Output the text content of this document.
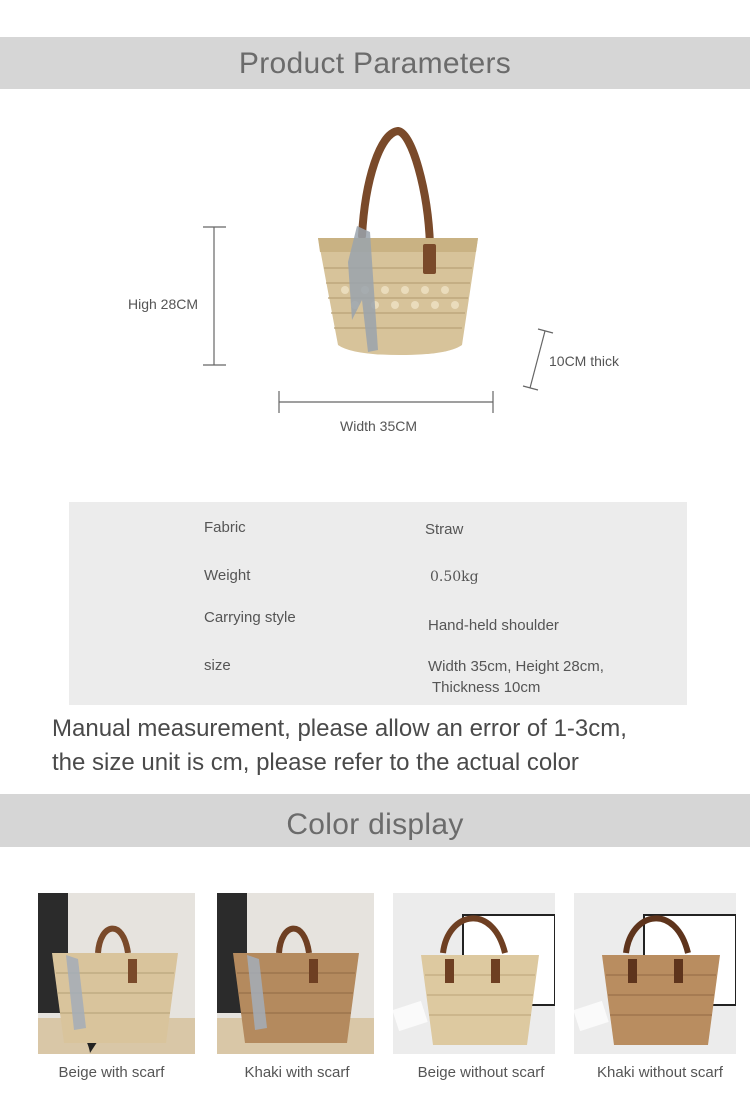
Product Parameters
High 28CM
Width 35CM
10CM thick
Fabric	Straw
Weight	0.50kg
Carrying style	Hand-held shoulder
size	Width 35cm, Height 28cm,
Thickness 10cm
Manual measurement, please allow an error of 1-3cm,
the size unit is cm, please refer to the actual color
Color display
Beige with scarf	Khaki with scarf	Beige without scarf	Khaki without scarf
